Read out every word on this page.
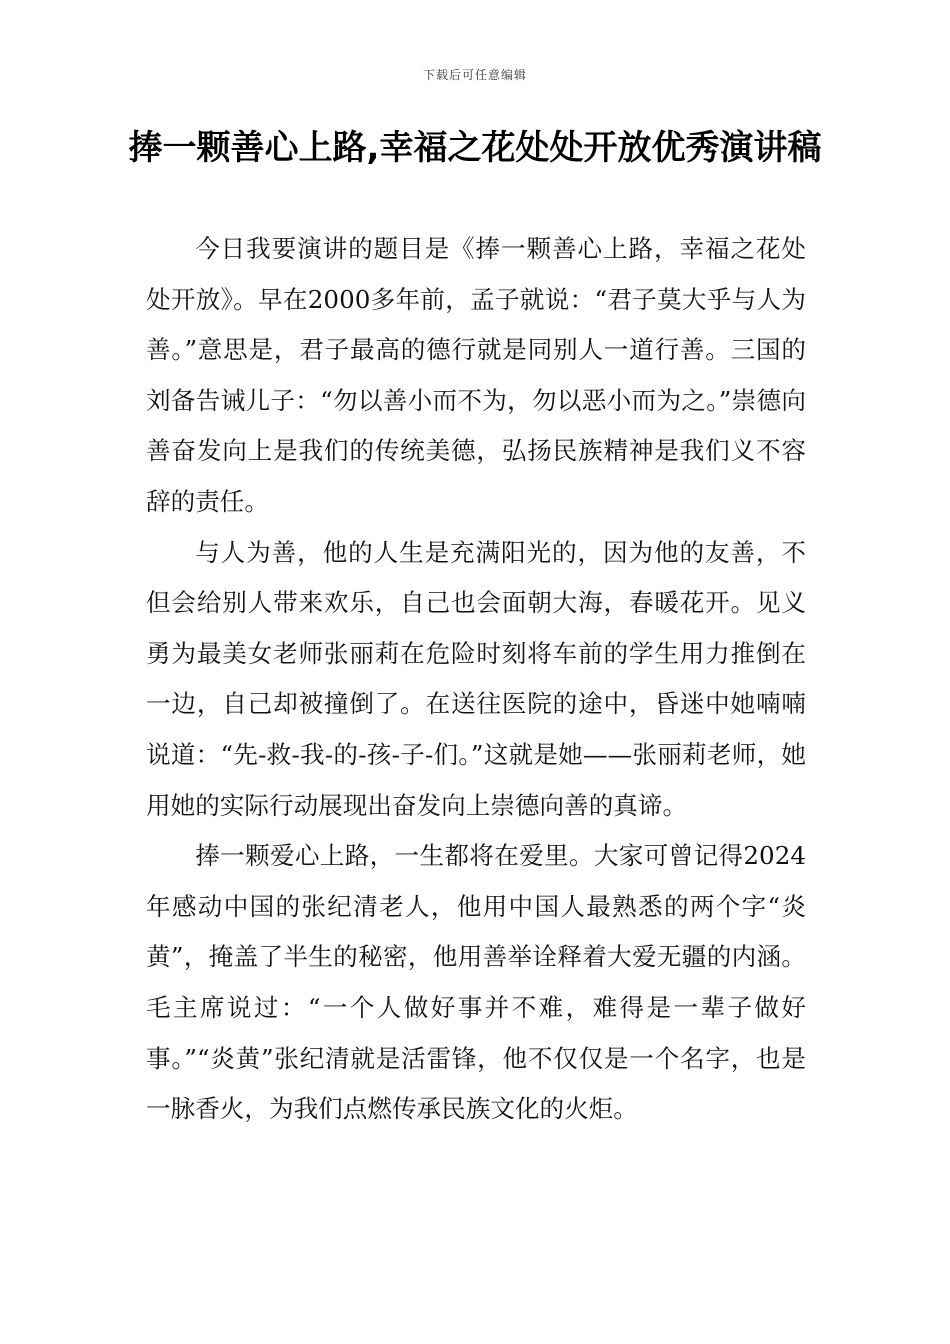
下载后可任意编辑
捧一颗善心上路,幸福之花处处开放优秀演讲稿

今日我要演讲的题目是《捧一颗善心上路，幸福之花处处开放》。早在2000多年前，孟子就说：“君子莫大乎与人为善。”意思是，君子最高的德行就是同别人一道行善。三国的刘备告诫儿子：“勿以善小而不为，勿以恶小而为之。”崇德向善奋发向上是我们的传统美德，弘扬民族精神是我们义不容辞的责任。

与人为善，他的人生是充满阳光的，因为他的友善，不但会给别人带来欢乐，自己也会面朝大海，春暖花开。见义勇为最美女老师张丽莉在危险时刻将车前的学生用力推倒在一边，自己却被撞倒了。在送往医院的途中，昏迷中她喃喃说道：“先-救-我-的-孩-子-们。”这就是她——张丽莉老师，她用她的实际行动展现出奋发向上崇德向善的真谛。

捧一颗爱心上路，一生都将在爱里。大家可曾记得2024年感动中国的张纪清老人，他用中国人最熟悉的两个字“炎黄”，掩盖了半生的秘密，他用善举诠释着大爱无疆的内涵。毛主席说过：“一个人做好事并不难，难得是一辈子做好事。”“炎黄”张纪清就是活雷锋，他不仅仅是一个名字，也是一脉香火，为我们点燃传承民族文化的火炬。
